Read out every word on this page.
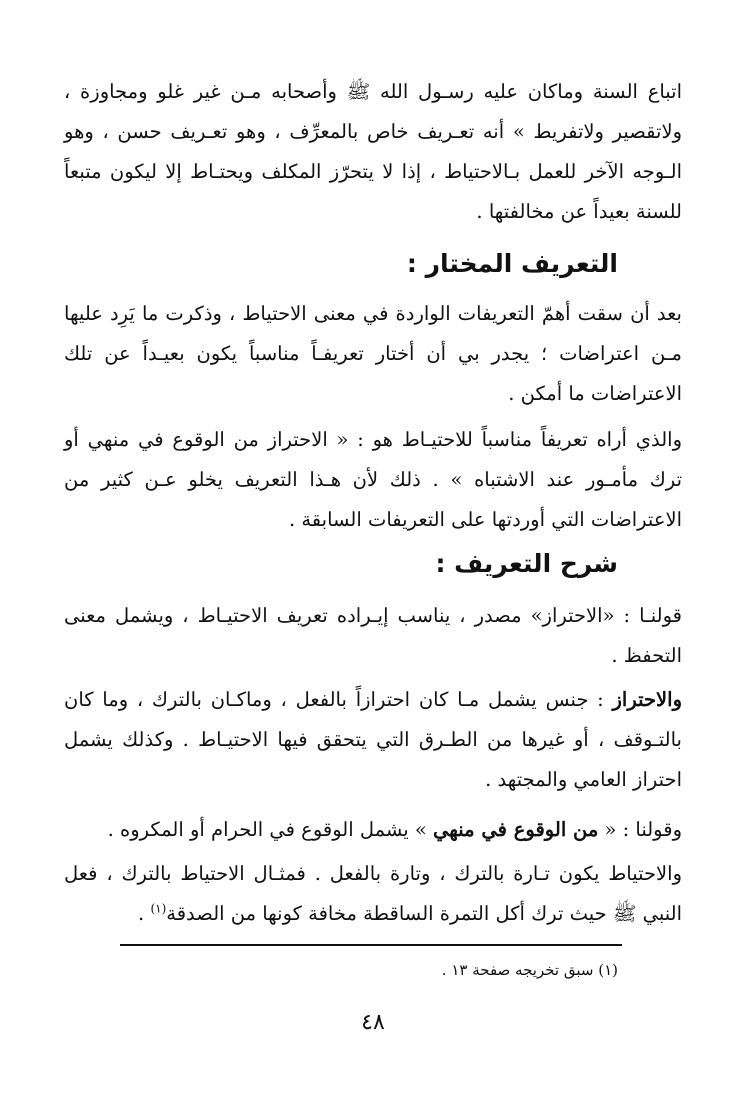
اتباع السنة وماكان عليه رسـول الله ﷺ وأصحابه مـن غير غلو ومجاوزة ، ولاتقصير ولاتفريط » أنه تعـريف خاص بالمعرِّف ، وهو تعـريف حسن ، وهو الـوجه الآخر للعمل بـالاحتياط ، إذا لا يتحرّز المكلف ويحتـاط إلا ليكون متبعاً للسنة بعيداً عن مخالفتها .

التعريف المختار :

بعد أن سقت أهمّ التعريفات الواردة في معنى الاحتياط ، وذكرت ما يَرِد عليها مـن اعتراضات ؛ يجدر بي أن أختار تعريفـاً مناسباً يكون بعيـداً عن تلك الاعتراضات ما أمكن .

والذي أراه تعريفاً مناسباً للاحتيـاط هو : « الاحتراز من الوقوع في منهي أو ترك مأمـور عند الاشتباه » . ذلك لأن هـذا التعريف يخلو عـن كثير من الاعتراضات التي أوردتها على التعريفات السابقة .

شرح التعريف :

قولنـا : «الاحتراز» مصدر ، يناسب إيـراده تعريف الاحتيـاط ، ويشمل معنى التحفظ .

والاحتراز : جنس يشمل مـا كان احترازاً بالفعل ، وماكـان بالترك ، وما كان بالتـوقف ، أو غيرها من الطـرق التي يتحقق فيها الاحتيـاط . وكذلك يشمل احتراز العامي والمجتهد .

وقولنا : « من الوقوع في منهي » يشمل الوقوع في الحرام أو المكروه .

والاحتياط يكون تـارة بالترك ، وتارة بالفعل . فمثـال الاحتياط بالترك ، فعل النبي ﷺ حيث ترك أكل التمرة الساقطة مخافة كونها من الصدقة$^{(١)}$ .

(١) سبق تخريجه صفحة ١٣ .
٤٨
